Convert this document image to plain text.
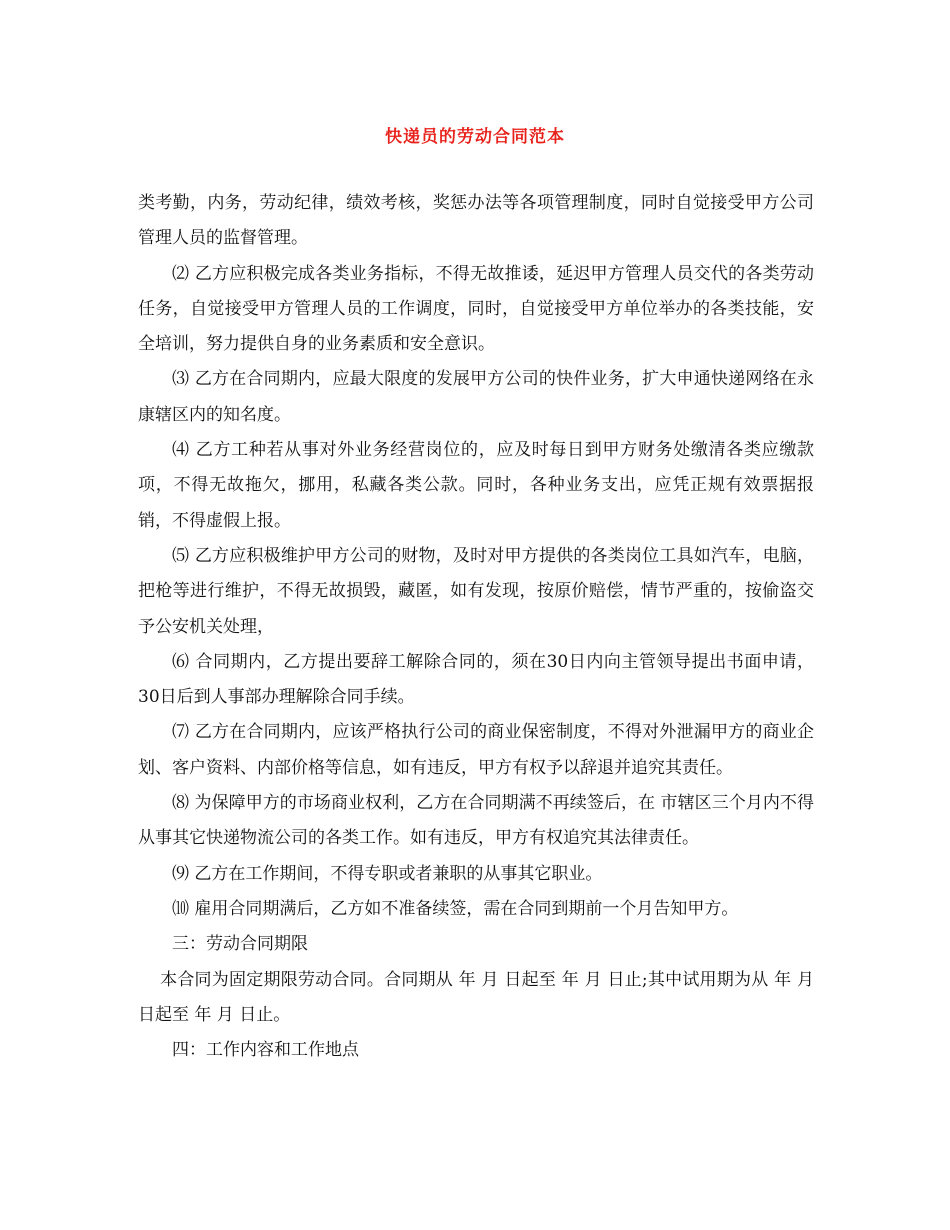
快递员的劳动合同范本

类考勤，内务，劳动纪律，绩效考核，奖惩办法等各项管理制度，同时自觉接受甲方公司管理人员的监督管理。

⑵ 乙方应积极完成各类业务指标，不得无故推诿，延迟甲方管理人员交代的各类劳动任务，自觉接受甲方管理人员的工作调度，同时，自觉接受甲方单位举办的各类技能，安全培训，努力提供自身的业务素质和安全意识。

⑶ 乙方在合同期内，应最大限度的发展甲方公司的快件业务，扩大申通快递网络在永康辖区内的知名度。

⑷ 乙方工种若从事对外业务经营岗位的，应及时每日到甲方财务处缴清各类应缴款项，不得无故拖欠，挪用，私藏各类公款。同时，各种业务支出，应凭正规有效票据报销，不得虚假上报。

⑸ 乙方应积极维护甲方公司的财物，及时对甲方提供的各类岗位工具如汽车，电脑，把枪等进行维护，不得无故损毁，藏匿，如有发现，按原价赔偿，情节严重的，按偷盗交予公安机关处理，

⑹ 合同期内，乙方提出要辞工解除合同的，须在30日内向主管领导提出书面申请，30日后到人事部办理解除合同手续。

⑺ 乙方在合同期内，应该严格执行公司的商业保密制度，不得对外泄漏甲方的商业企划、客户资料、内部价格等信息，如有违反，甲方有权予以辞退并追究其责任。

⑻ 为保障甲方的市场商业权利，乙方在合同期满不再续签后，在 市辖区三个月内不得从事其它快递物流公司的各类工作。如有违反，甲方有权追究其法律责任。

⑼ 乙方在工作期间，不得专职或者兼职的从事其它职业。

⑽ 雇用合同期满后，乙方如不准备续签，需在合同到期前一个月告知甲方。

三：劳动合同期限

本合同为固定期限劳动合同。合同期从 年 月 日起至 年 月 日止;其中试用期为从 年 月 日起至 年 月 日止。

四：工作内容和工作地点
